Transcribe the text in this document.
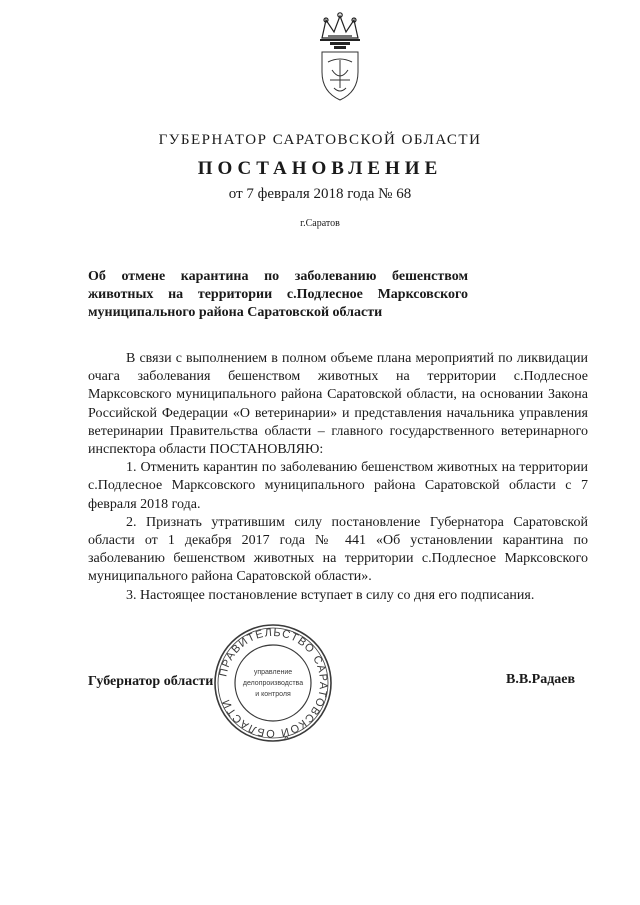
ГУБЕРНАТОР САРАТОВСКОЙ ОБЛАСТИ
ПОСТАНОВЛЕНИЕ
от 7 февраля 2018 года № 68
г.Саратов
Об отмене карантина по заболеванию бешенством животных на территории с.Подлесное Марксовского муниципального района Саратовской области

В связи с выполнением в полном объеме плана мероприятий по ликвидации очага заболевания бешенством животных на территории с.Подлесное Марксовского муниципального района Саратовской области, на основании Закона Российской Федерации «О ветеринарии» и представления начальника управления ветеринарии Правительства области – главного государственного ветеринарного инспектора области ПОСТАНОВЛЯЮ:

1. Отменить карантин по заболеванию бешенством животных на территории с.Подлесное Марксовского муниципального района Саратовской области с 7 февраля 2018 года.

2. Признать утратившим силу постановление Губернатора Саратовской области от 1 декабря 2017 года № 441 «Об установлении карантина по заболеванию бешенством животных на территории с.Подлесное Марксовского муниципального района Саратовской области».

3. Настоящее постановление вступает в силу со дня его подписания.

ПРАВИТЕЛЬСТВО САРАТОВСКОЙ ОБЛАСТИ
управление
делопроизводства
и контроля
Губернатор области	В.В.Радаев
